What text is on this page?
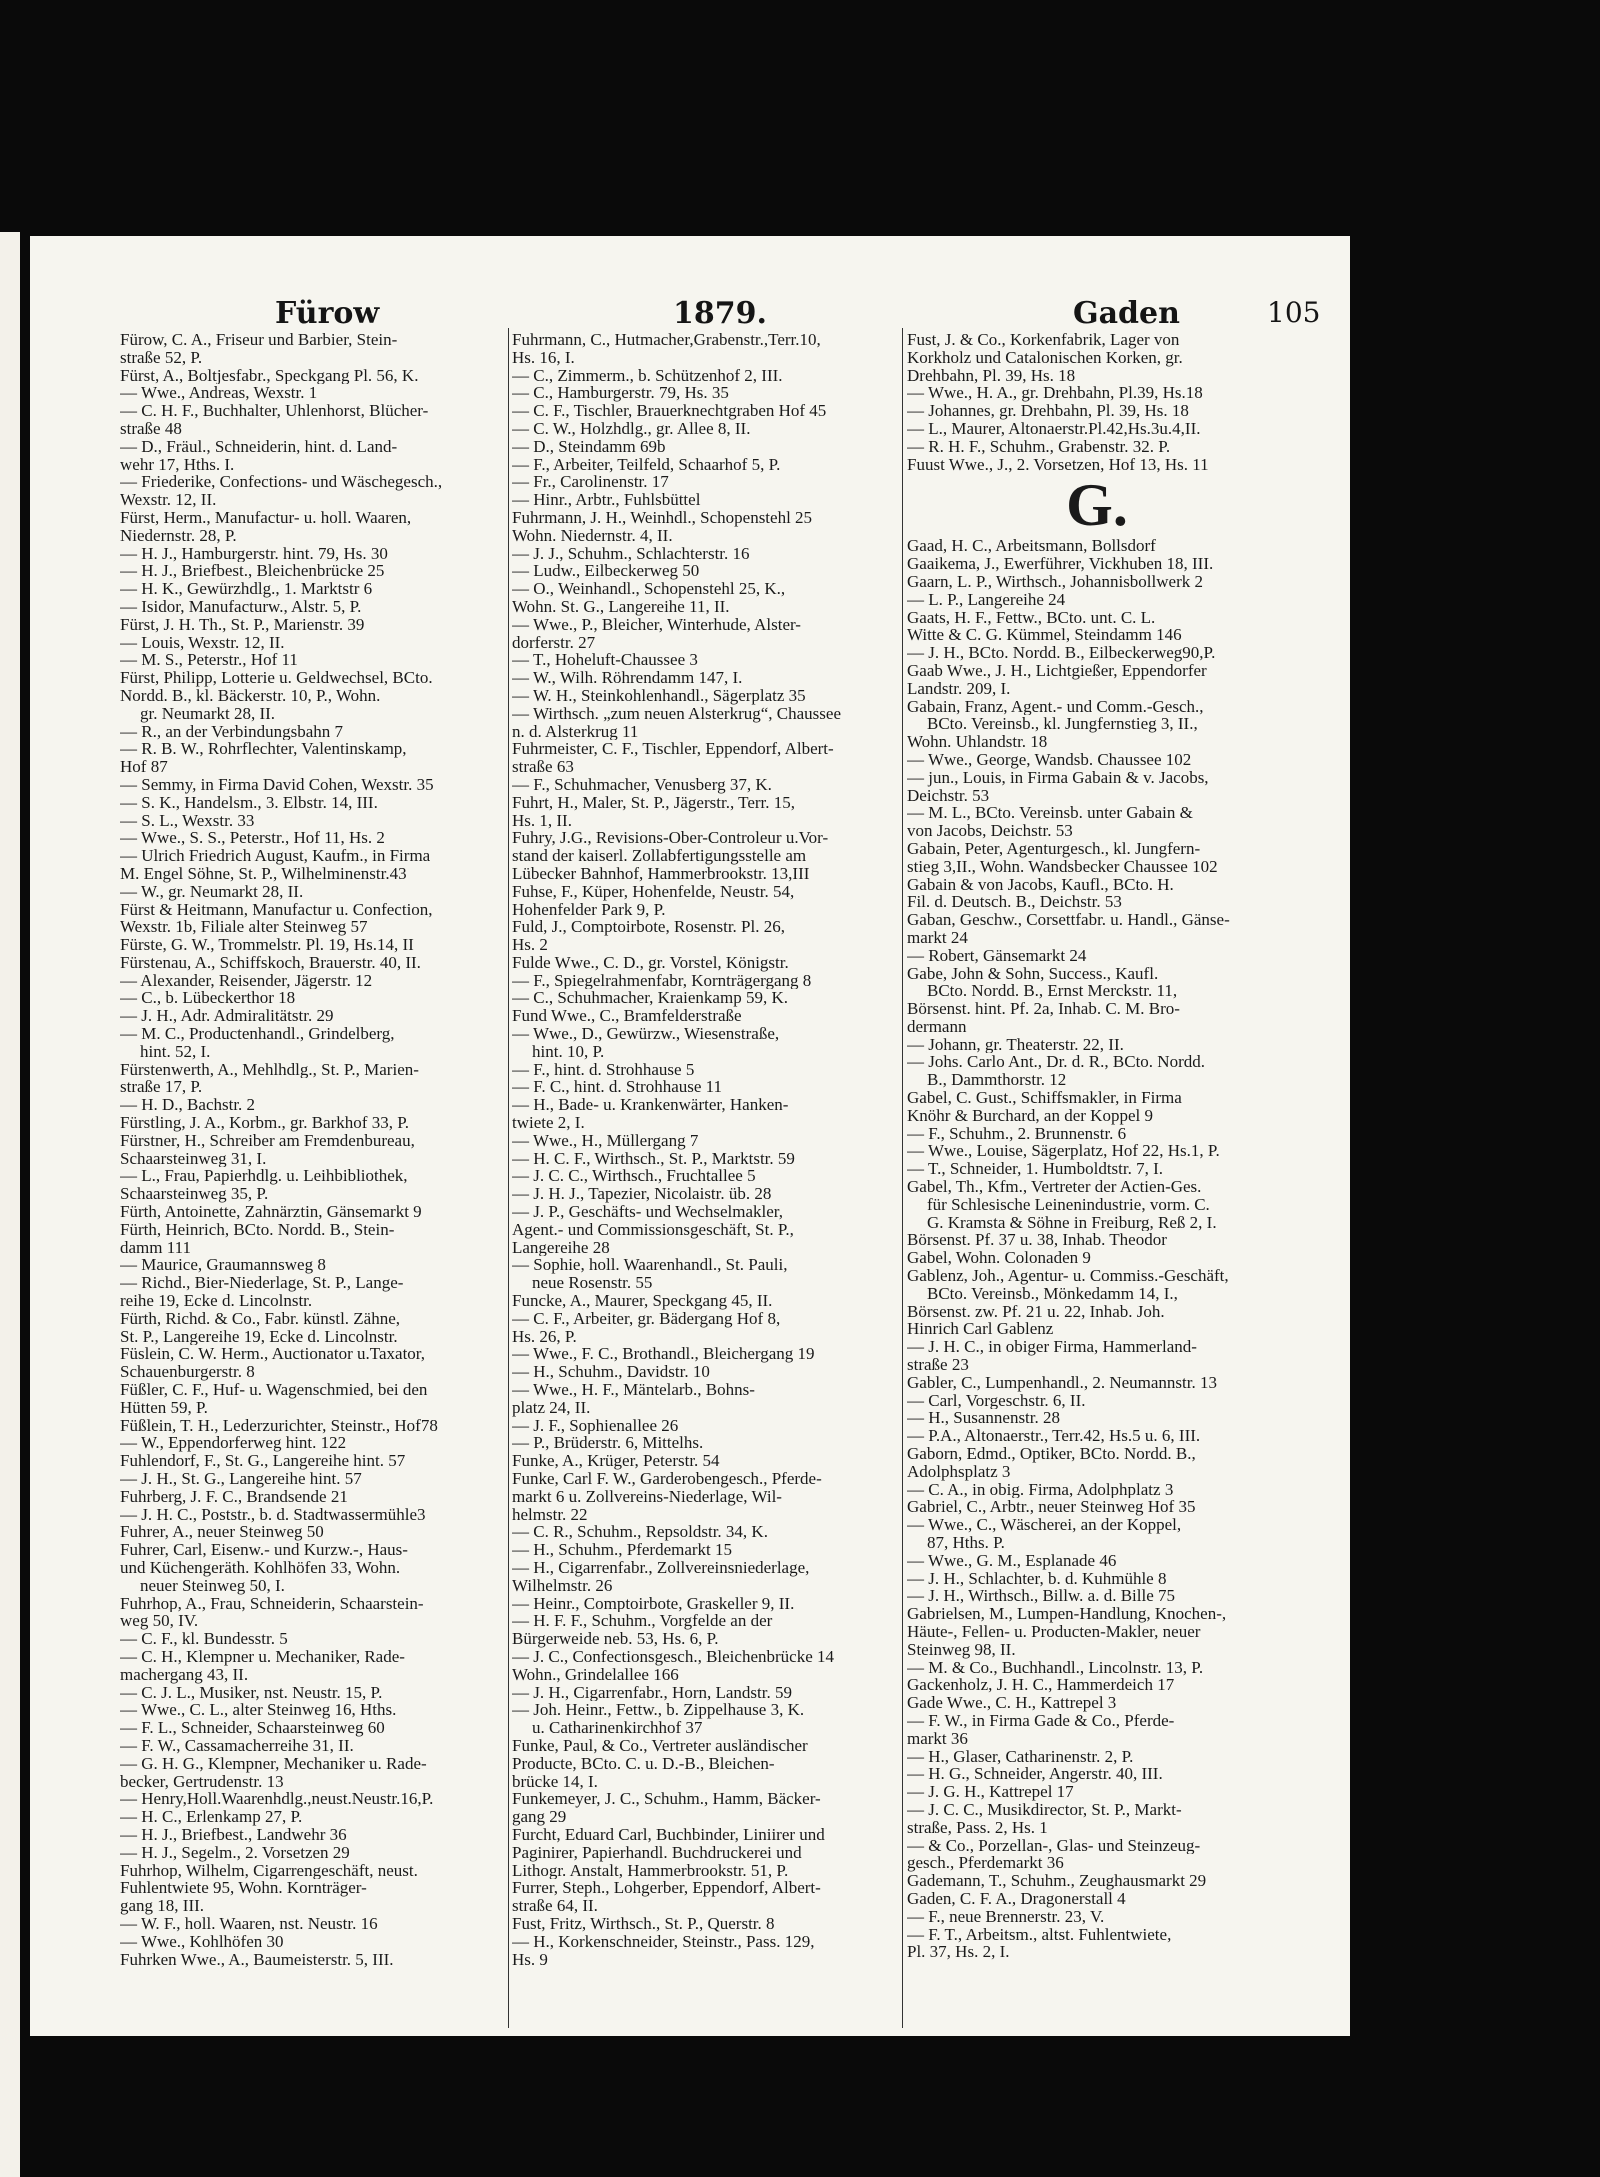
Fürow	1879.	Gaden	105
Fürow, C. A., Friseur und Barbier, Stein-
straße 52, P.
Fürst, A., Boltjesfabr., Speckgang Pl. 56, K.
— Wwe., Andreas, Wexstr. 1
— C. H. F., Buchhalter, Uhlenhorst, Blücher-
straße 48
— D., Fräul., Schneiderin, hint. d. Land-
wehr 17, Hths. I.
— Friederike, Confections- und Wäschegesch.,
Wexstr. 12, II.
Fürst, Herm., Manufactur- u. holl. Waaren,
Niedernstr. 28, P.
— H. J., Hamburgerstr. hint. 79, Hs. 30
— H. J., Briefbest., Bleichenbrücke 25
— H. K., Gewürzhdlg., 1. Marktstr 6
— Isidor, Manufacturw., Alstr. 5, P.
Fürst, J. H. Th., St. P., Marienstr. 39
— Louis, Wexstr. 12, II.
— M. S., Peterstr., Hof 11
Fürst, Philipp, Lotterie u. Geldwechsel, BCto.
Nordd. B., kl. Bäckerstr. 10, P., Wohn.
gr. Neumarkt 28, II.
— R., an der Verbindungsbahn 7
— R. B. W., Rohrflechter, Valentinskamp,
Hof 87
— Semmy, in Firma David Cohen, Wexstr. 35
— S. K., Handelsm., 3. Elbstr. 14, III.
— S. L., Wexstr. 33
— Wwe., S. S., Peterstr., Hof 11, Hs. 2
— Ulrich Friedrich August, Kaufm., in Firma
M. Engel Söhne, St. P., Wilhelminenstr.43
— W., gr. Neumarkt 28, II.
Fürst & Heitmann, Manufactur u. Confection,
Wexstr. 1b, Filiale alter Steinweg 57
Fürste, G. W., Trommelstr. Pl. 19, Hs.14, II
Fürstenau, A., Schiffskoch, Brauerstr. 40, II.
— Alexander, Reisender, Jägerstr. 12
— C., b. Lübeckerthor 18
— J. H., Adr. Admiralitätstr. 29
— M. C., Productenhandl., Grindelberg,
hint. 52, I.
Fürstenwerth, A., Mehlhdlg., St. P., Marien-
straße 17, P.
— H. D., Bachstr. 2
Fürstling, J. A., Korbm., gr. Barkhof 33, P.
Fürstner, H., Schreiber am Fremdenbureau,
Schaarsteinweg 31, I.
— L., Frau, Papierhdlg. u. Leihbibliothek,
Schaarsteinweg 35, P.
Fürth, Antoinette, Zahnärztin, Gänsemarkt 9
Fürth, Heinrich, BCto. Nordd. B., Stein-
damm 111
— Maurice, Graumannsweg 8
— Richd., Bier-Niederlage, St. P., Lange-
reihe 19, Ecke d. Lincolnstr.
Fürth, Richd. & Co., Fabr. künstl. Zähne,
St. P., Langereihe 19, Ecke d. Lincolnstr.
Füslein, C. W. Herm., Auctionator u.Taxator,
Schauenburgerstr. 8
Füßler, C. F., Huf- u. Wagenschmied, bei den
Hütten 59, P.
Füßlein, T. H., Lederzurichter, Steinstr., Hof78
— W., Eppendorferweg hint. 122
Fuhlendorf, F., St. G., Langereihe hint. 57
— J. H., St. G., Langereihe hint. 57
Fuhrberg, J. F. C., Brandsende 21
— J. H. C., Poststr., b. d. Stadtwassermühle3
Fuhrer, A., neuer Steinweg 50
Fuhrer, Carl, Eisenw.- und Kurzw.-, Haus-
und Küchengeräth. Kohlhöfen 33, Wohn.
neuer Steinweg 50, I.
Fuhrhop, A., Frau, Schneiderin, Schaarstein-
weg 50, IV.
— C. F., kl. Bundesstr. 5
— C. H., Klempner u. Mechaniker, Rade-
machergang 43, II.
— C. J. L., Musiker, nst. Neustr. 15, P.
— Wwe., C. L., alter Steinweg 16, Hths.
— F. L., Schneider, Schaarsteinweg 60
— F. W., Cassamacherreihe 31, II.
— G. H. G., Klempner, Mechaniker u. Rade-
becker, Gertrudenstr. 13
— Henry,Holl.Waarenhdlg.,neust.Neustr.16,P.
— H. C., Erlenkamp 27, P.
— H. J., Briefbest., Landwehr 36
— H. J., Segelm., 2. Vorsetzen 29
Fuhrhop, Wilhelm, Cigarrengeschäft, neust.
Fuhlentwiete 95, Wohn. Kornträger-
gang 18, III.
— W. F., holl. Waaren, nst. Neustr. 16
— Wwe., Kohlhöfen 30
Fuhrken Wwe., A., Baumeisterstr. 5, III.
Fuhrmann, C., Hutmacher,Grabenstr.,Terr.10,
Hs. 16, I.
— C., Zimmerm., b. Schützenhof 2, III.
— C., Hamburgerstr. 79, Hs. 35
— C. F., Tischler, Brauerknechtgraben Hof 45
— C. W., Holzhdlg., gr. Allee 8, II.
— D., Steindamm 69b
— F., Arbeiter, Teilfeld, Schaarhof 5, P.
— Fr., Carolinenstr. 17
— Hinr., Arbtr., Fuhlsbüttel
Fuhrmann, J. H., Weinhdl., Schopenstehl 25
Wohn. Niedernstr. 4, II.
— J. J., Schuhm., Schlachterstr. 16
— Ludw., Eilbeckerweg 50
— O., Weinhandl., Schopenstehl 25, K.,
Wohn. St. G., Langereihe 11, II.
— Wwe., P., Bleicher, Winterhude, Alster-
dorferstr. 27
— T., Hoheluft-Chaussee 3
— W., Wilh. Röhrendamm 147, I.
— W. H., Steinkohlenhandl., Sägerplatz 35
— Wirthsch. „zum neuen Alsterkrug“, Chaussee
n. d. Alsterkrug 11
Fuhrmeister, C. F., Tischler, Eppendorf, Albert-
straße 63
— F., Schuhmacher, Venusberg 37, K.
Fuhrt, H., Maler, St. P., Jägerstr., Terr. 15,
Hs. 1, II.
Fuhry, J.G., Revisions-Ober-Controleur u.Vor-
stand der kaiserl. Zollabfertigungsstelle am
Lübecker Bahnhof, Hammerbrookstr. 13,III
Fuhse, F., Küper, Hohenfelde, Neustr. 54,
Hohenfelder Park 9, P.
Fuld, J., Comptoirbote, Rosenstr. Pl. 26,
Hs. 2
Fulde Wwe., C. D., gr. Vorstel, Königstr.
— F., Spiegelrahmenfabr, Kornträgergang 8
— C., Schuhmacher, Kraienkamp 59, K.
Fund Wwe., C., Bramfelderstraße
— Wwe., D., Gewürzw., Wiesenstraße,
hint. 10, P.
— F., hint. d. Strohhause 5
— F. C., hint. d. Strohhause 11
— H., Bade- u. Krankenwärter, Hanken-
twiete 2, I.
— Wwe., H., Müllergang 7
— H. C. F., Wirthsch., St. P., Marktstr. 59
— J. C. C., Wirthsch., Fruchtallee 5
— J. H. J., Tapezier, Nicolaistr. üb. 28
— J. P., Geschäfts- und Wechselmakler,
Agent.- und Commissionsgeschäft, St. P.,
Langereihe 28
— Sophie, holl. Waarenhandl., St. Pauli,
neue Rosenstr. 55
Funcke, A., Maurer, Speckgang 45, II.
— C. F., Arbeiter, gr. Bädergang Hof 8,
Hs. 26, P.
— Wwe., F. C., Brothandl., Bleichergang 19
— H., Schuhm., Davidstr. 10
— Wwe., H. F., Mäntelarb., Bohns-
platz 24, II.
— J. F., Sophienallee 26
— P., Brüderstr. 6, Mittelhs.
Funke, A., Krüger, Peterstr. 54
Funke, Carl F. W., Garderobengesch., Pferde-
markt 6 u. Zollvereins-Niederlage, Wil-
helmstr. 22
— C. R., Schuhm., Repsoldstr. 34, K.
— H., Schuhm., Pferdemarkt 15
— H., Cigarrenfabr., Zollvereinsniederlage,
Wilhelmstr. 26
— Heinr., Comptoirbote, Graskeller 9, II.
— H. F. F., Schuhm., Vorgfelde an der
Bürgerweide neb. 53, Hs. 6, P.
— J. C., Confectionsgesch., Bleichenbrücke 14
Wohn., Grindelallee 166
— J. H., Cigarrenfabr., Horn, Landstr. 59
— Joh. Heinr., Fettw., b. Zippelhause 3, K.
u. Catharinenkirchhof 37
Funke, Paul, & Co., Vertreter ausländischer
Producte, BCto. C. u. D.-B., Bleichen-
brücke 14, I.
Funkemeyer, J. C., Schuhm., Hamm, Bäcker-
gang 29
Furcht, Eduard Carl, Buchbinder, Liniirer und
Paginirer, Papierhandl. Buchdruckerei und
Lithogr. Anstalt, Hammerbrookstr. 51, P.
Furrer, Steph., Lohgerber, Eppendorf, Albert-
straße 64, II.
Fust, Fritz, Wirthsch., St. P., Querstr. 8
— H., Korkenschneider, Steinstr., Pass. 129,
Hs. 9
Fust, J. & Co., Korkenfabrik, Lager von
Korkholz und Catalonischen Korken, gr.
Drehbahn, Pl. 39, Hs. 18
— Wwe., H. A., gr. Drehbahn, Pl.39, Hs.18
— Johannes, gr. Drehbahn, Pl. 39, Hs. 18
— L., Maurer, Altonaerstr.Pl.42,Hs.3u.4,II.
— R. H. F., Schuhm., Grabenstr. 32. P.
Fuust Wwe., J., 2. Vorsetzen, Hof 13, Hs. 11
G.
Gaad, H. C., Arbeitsmann, Bollsdorf
Gaaikema, J., Ewerführer, Vickhuben 18, III.
Gaarn, L. P., Wirthsch., Johannisbollwerk 2
— L. P., Langereihe 24
Gaats, H. F., Fettw., BCto. unt. C. L.
Witte & C. G. Kümmel, Steindamm 146
— J. H., BCto. Nordd. B., Eilbeckerweg90,P.
Gaab Wwe., J. H., Lichtgießer, Eppendorfer
Landstr. 209, I.
Gabain, Franz, Agent.- und Comm.-Gesch.,
BCto. Vereinsb., kl. Jungfernstieg 3, II.,
Wohn. Uhlandstr. 18
— Wwe., George, Wandsb. Chaussee 102
— jun., Louis, in Firma Gabain & v. Jacobs,
Deichstr. 53
— M. L., BCto. Vereinsb. unter Gabain &
von Jacobs, Deichstr. 53
Gabain, Peter, Agenturgesch., kl. Jungfern-
stieg 3,II., Wohn. Wandsbecker Chaussee 102
Gabain & von Jacobs, Kaufl., BCto. H.
Fil. d. Deutsch. B., Deichstr. 53
Gaban, Geschw., Corsettfabr. u. Handl., Gänse-
markt 24
— Robert, Gänsemarkt 24
Gabe, John & Sohn, Success., Kaufl.
BCto. Nordd. B., Ernst Merckstr. 11,
Börsenst. hint. Pf. 2a, Inhab. C. M. Bro-
dermann
— Johann, gr. Theaterstr. 22, II.
— Johs. Carlo Ant., Dr. d. R., BCto. Nordd.
B., Dammthorstr. 12
Gabel, C. Gust., Schiffsmakler, in Firma
Knöhr & Burchard, an der Koppel 9
— F., Schuhm., 2. Brunnenstr. 6
— Wwe., Louise, Sägerplatz, Hof 22, Hs.1, P.
— T., Schneider, 1. Humboldtstr. 7, I.
Gabel, Th., Kfm., Vertreter der Actien-Ges.
für Schlesische Leinenindustrie, vorm. C.
G. Kramsta & Söhne in Freiburg, Reß 2, I.
Börsenst. Pf. 37 u. 38, Inhab. Theodor
Gabel, Wohn. Colonaden 9
Gablenz, Joh., Agentur- u. Commiss.-Geschäft,
BCto. Vereinsb., Mönkedamm 14, I.,
Börsenst. zw. Pf. 21 u. 22, Inhab. Joh.
Hinrich Carl Gablenz
— J. H. C., in obiger Firma, Hammerland-
straße 23
Gabler, C., Lumpenhandl., 2. Neumannstr. 13
— Carl, Vorgeschstr. 6, II.
— H., Susannenstr. 28
— P.A., Altonaerstr., Terr.42, Hs.5 u. 6, III.
Gaborn, Edmd., Optiker, BCto. Nordd. B.,
Adolphsplatz 3
— C. A., in obig. Firma, Adolphplatz 3
Gabriel, C., Arbtr., neuer Steinweg Hof 35
— Wwe., C., Wäscherei, an der Koppel,
87, Hths. P.
— Wwe., G. M., Esplanade 46
— J. H., Schlachter, b. d. Kuhmühle 8
— J. H., Wirthsch., Billw. a. d. Bille 75
Gabrielsen, M., Lumpen-Handlung, Knochen-,
Häute-, Fellen- u. Producten-Makler, neuer
Steinweg 98, II.
— M. & Co., Buchhandl., Lincolnstr. 13, P.
Gackenholz, J. H. C., Hammerdeich 17
Gade Wwe., C. H., Kattrepel 3
— F. W., in Firma Gade & Co., Pferde-
markt 36
— H., Glaser, Catharinenstr. 2, P.
— H. G., Schneider, Angerstr. 40, III.
— J. G. H., Kattrepel 17
— J. C. C., Musikdirector, St. P., Markt-
straße, Pass. 2, Hs. 1
— & Co., Porzellan-, Glas- und Steinzeug-
gesch., Pferdemarkt 36
Gademann, T., Schuhm., Zeughausmarkt 29
Gaden, C. F. A., Dragonerstall 4
— F., neue Brennerstr. 23, V.
— F. T., Arbeitsm., altst. Fuhlentwiete,
Pl. 37, Hs. 2, I.
